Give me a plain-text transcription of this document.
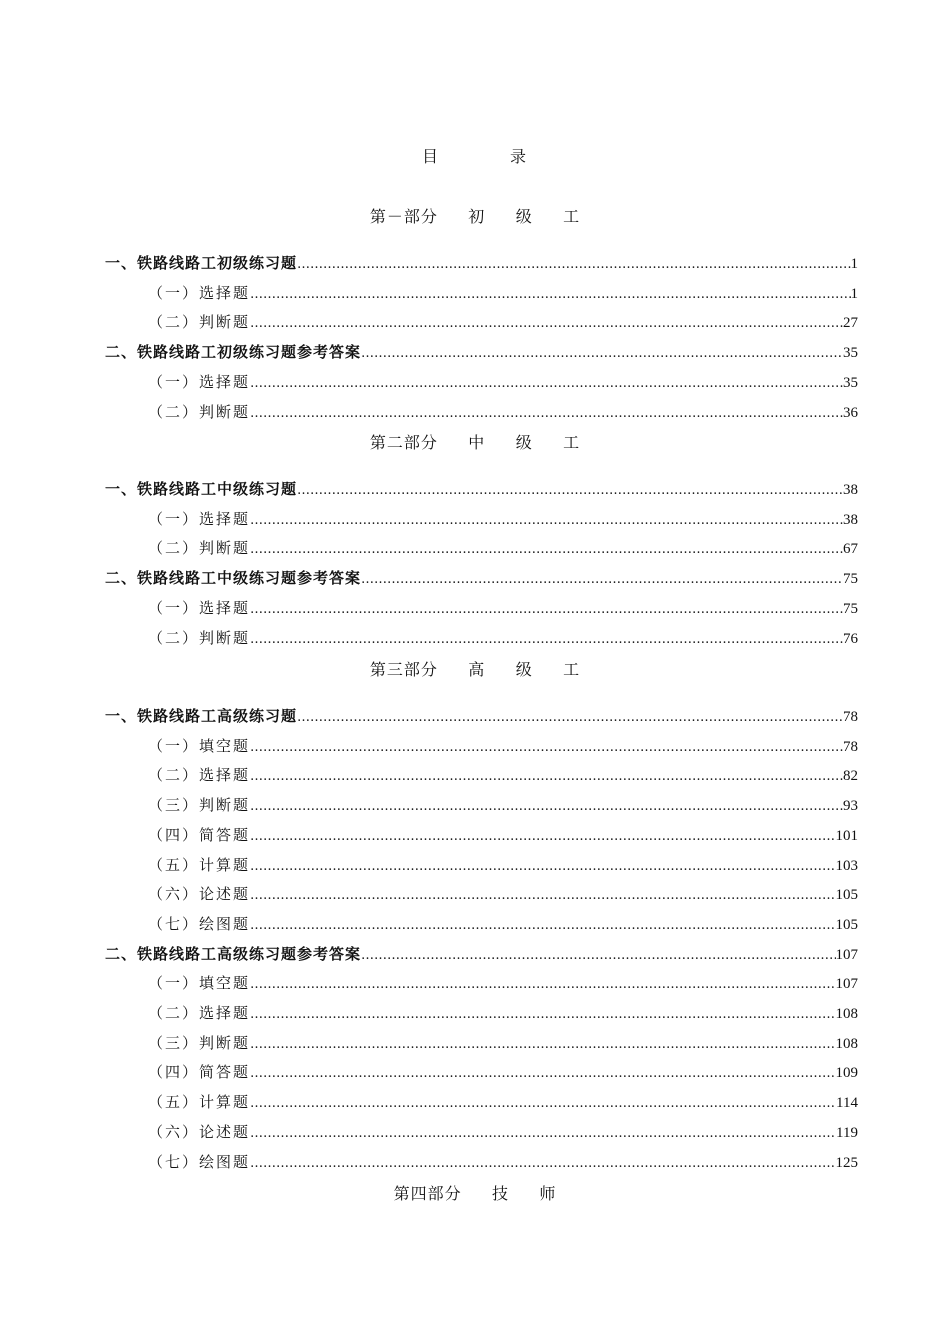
目	录
第－部分     初     级     工
一、铁路线路工初级练习题 ………………………………………………………………………………………………………………………………………	1
（一）选择题 ………………………………………………………………………………………………………………………………………	1
（二）判断题 ………………………………………………………………………………………………………………………………………	27
二、铁路线路工初级练习题参考答案 ………………………………………………………………………………………………………………………………………	35
（一）选择题 ………………………………………………………………………………………………………………………………………	35
（二）判断题 ………………………………………………………………………………………………………………………………………	36
第二部分     中     级     工
一、铁路线路工中级练习题 ………………………………………………………………………………………………………………………………………	38
（一）选择题 ………………………………………………………………………………………………………………………………………	38
（二）判断题 ………………………………………………………………………………………………………………………………………	67
二、铁路线路工中级练习题参考答案 ………………………………………………………………………………………………………………………………………	75
（一）选择题 ………………………………………………………………………………………………………………………………………	75
（二）判断题 ………………………………………………………………………………………………………………………………………	76
第三部分     高     级     工
一、铁路线路工高级练习题 ………………………………………………………………………………………………………………………………………	78
（一）填空题 ………………………………………………………………………………………………………………………………………	78
（二）选择题 ………………………………………………………………………………………………………………………………………	82
（三）判断题 ………………………………………………………………………………………………………………………………………	93
（四）简答题 ………………………………………………………………………………………………………………………………………	101
（五）计算题 ………………………………………………………………………………………………………………………………………	103
（六）论述题 ………………………………………………………………………………………………………………………………………	105
（七）绘图题 ………………………………………………………………………………………………………………………………………	105
二、铁路线路工高级练习题参考答案 ………………………………………………………………………………………………………………………………………	107
（一）填空题 ………………………………………………………………………………………………………………………………………	107
（二）选择题 ………………………………………………………………………………………………………………………………………	108
（三）判断题 ………………………………………………………………………………………………………………………………………	108
（四）简答题 ………………………………………………………………………………………………………………………………………	109
（五）计算题 ………………………………………………………………………………………………………………………………………	114
（六）论述题 ………………………………………………………………………………………………………………………………………	119
（七）绘图题 ………………………………………………………………………………………………………………………………………	125
第四部分     技     师
